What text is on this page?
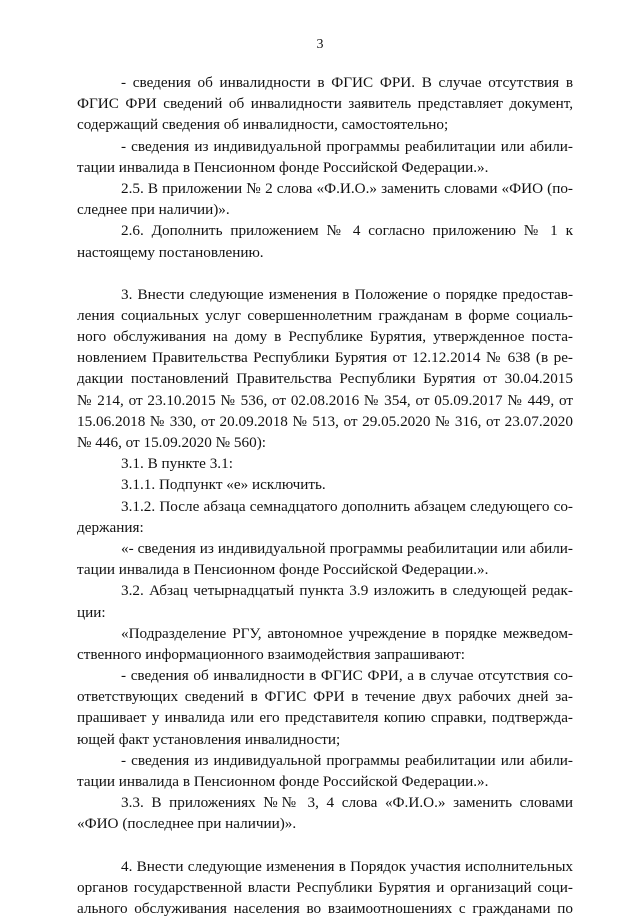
3
- сведения об инвалидности в ФГИС ФРИ. В случае отсутствия в
ФГИС ФРИ сведений об инвалидности заявитель представляет документ,
содержащий сведения об инвалидности, самостоятельно;
- сведения из индивидуальной программы реабилитации или абили-
тации инвалида в Пенсионном фонде Российской Федерации.».
2.5. В приложении № 2 слова «Ф.И.О.» заменить словами «ФИО (по-
следнее при наличии)».
2.6. Дополнить приложением № 4 согласно приложению № 1 к
настоящему постановлению.
3. Внести следующие изменения в Положение о порядке предостав-
ления социальных услуг совершеннолетним гражданам в форме социаль-
ного обслуживания на дому в Республике Бурятия, утвержденное поста-
новлением Правительства Республики Бурятия от 12.12.2014 № 638 (в ре-
дакции постановлений Правительства Республики Бурятия от 30.04.2015
№ 214, от 23.10.2015 № 536, от 02.08.2016 № 354, от 05.09.2017 № 449, от
15.06.2018 № 330, от 20.09.2018 № 513, от 29.05.2020 № 316, от 23.07.2020
№ 446, от 15.09.2020 № 560):
3.1. В пункте 3.1:
3.1.1. Подпункт «е» исключить.
3.1.2. После абзаца семнадцатого дополнить абзацем следующего со-
держания:
«- сведения из индивидуальной программы реабилитации или абили-
тации инвалида в Пенсионном фонде Российской Федерации.».
3.2. Абзац четырнадцатый пункта 3.9 изложить в следующей редак-
ции:
«Подразделение РГУ, автономное учреждение в порядке межведом-
ственного информационного взаимодействия запрашивают:
- сведения об инвалидности в ФГИС ФРИ, а в случае отсутствия со-
ответствующих сведений в ФГИС ФРИ в течение двух рабочих дней за-
прашивает у инвалида или его представителя копию справки, подтвержда-
ющей факт установления инвалидности;
- сведения из индивидуальной программы реабилитации или абили-
тации инвалида в Пенсионном фонде Российской Федерации.».
3.3. В приложениях №№ 3, 4 слова «Ф.И.О.» заменить словами
«ФИО (последнее при наличии)».
4. Внести следующие изменения в Порядок участия исполнительных
органов государственной власти Республики Бурятия и организаций соци-
ального обслуживания населения во взаимоотношениях с гражданами по
